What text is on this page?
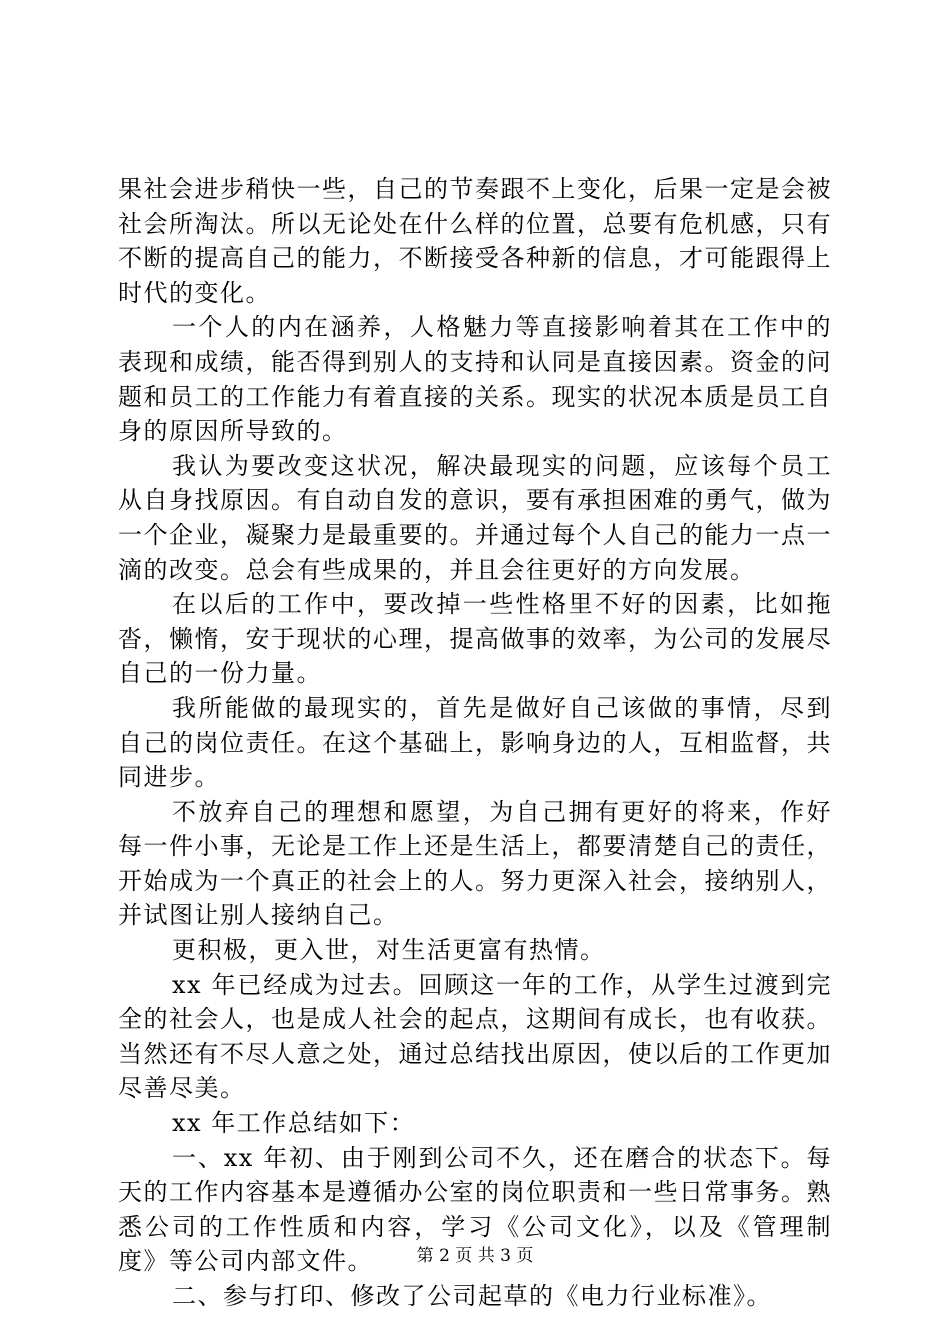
果社会进步稍快一些，自己的节奏跟不上变化，后果一定是会被社会所淘汰。所以无论处在什么样的位置，总要有危机感，只有不断的提高自己的能力，不断接受各种新的信息，才可能跟得上时代的变化。

一个人的内在涵养，人格魅力等直接影响着其在工作中的表现和成绩，能否得到别人的支持和认同是直接因素。资金的问题和员工的工作能力有着直接的关系。现实的状况本质是员工自身的原因所导致的。

我认为要改变这状况，解决最现实的问题，应该每个员工从自身找原因。有自动自发的意识，要有承担困难的勇气，做为一个企业，凝聚力是最重要的。并通过每个人自己的能力一点一滴的改变。总会有些成果的，并且会往更好的方向发展。

在以后的工作中，要改掉一些性格里不好的因素，比如拖沓，懒惰，安于现状的心理，提高做事的效率，为公司的发展尽自己的一份力量。

我所能做的最现实的，首先是做好自己该做的事情，尽到自己的岗位责任。在这个基础上，影响身边的人，互相监督，共同进步。

不放弃自己的理想和愿望，为自己拥有更好的将来，作好每一件小事，无论是工作上还是生活上，都要清楚自己的责任，开始成为一个真正的社会上的人。努力更深入社会，接纳别人，并试图让别人接纳自己。

更积极，更入世，对生活更富有热情。

xx 年已经成为过去。回顾这一年的工作，从学生过渡到完全的社会人，也是成人社会的起点，这期间有成长，也有收获。当然还有不尽人意之处，通过总结找出原因，使以后的工作更加尽善尽美。

xx 年工作总结如下：

一、xx 年初、由于刚到公司不久，还在磨合的状态下。每天的工作内容基本是遵循办公室的岗位职责和一些日常事务。熟悉公司的工作性质和内容，学习《公司文化》，以及《管理制度》等公司内部文件。

二、参与打印、修改了公司起草的《电力行业标准》。

第 2 页 共 3 页
